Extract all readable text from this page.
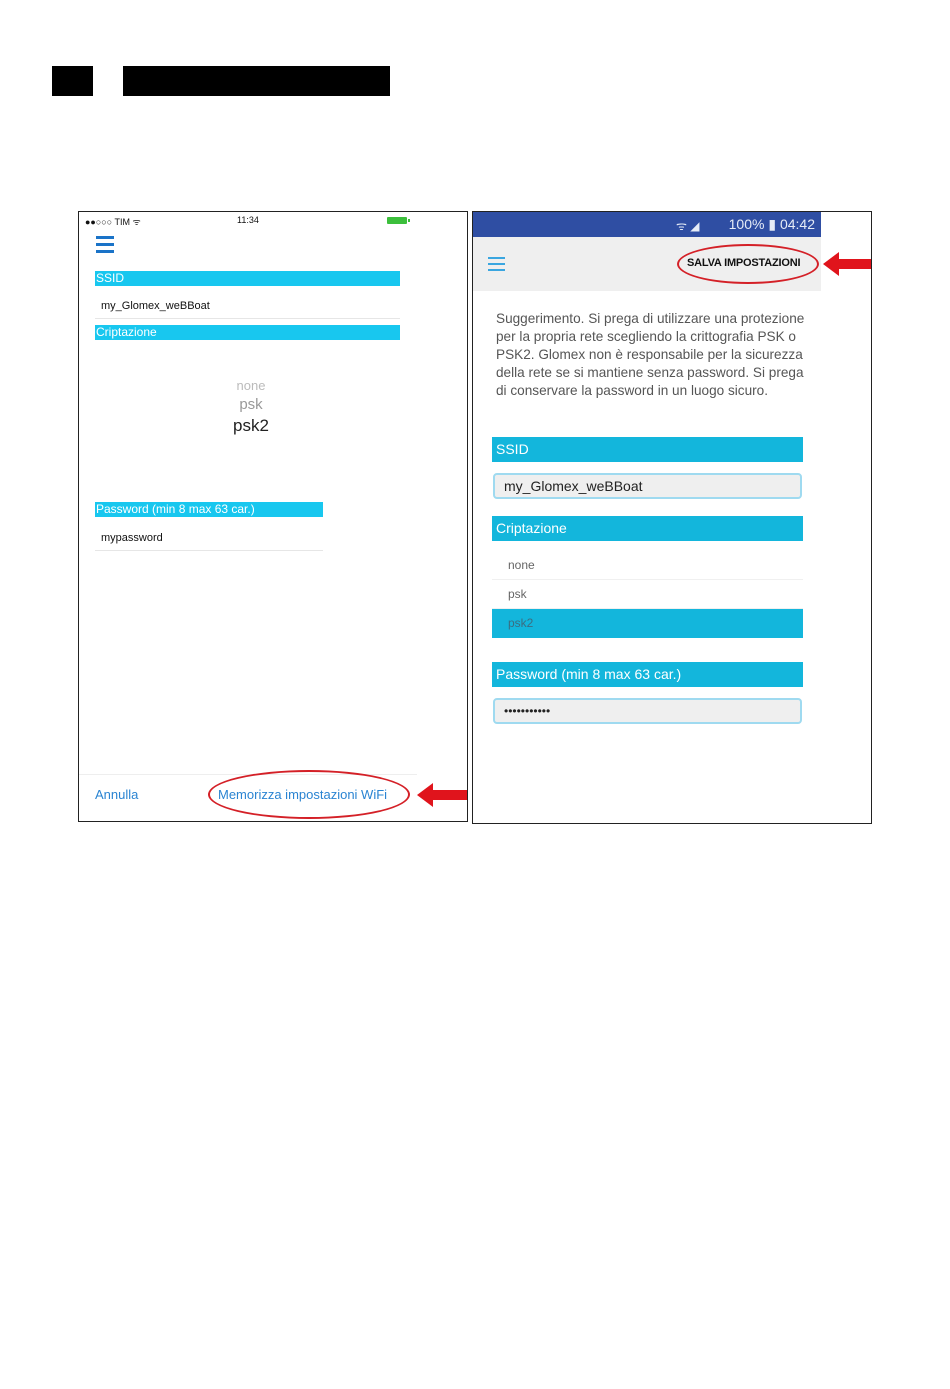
●●○○○ TIM ᯤ	11:34
SSID
my_Glomex_weBBoat
Criptazione
none
psk
psk2
Password (min 8 max 63 car.)
mypassword
Annulla	Memorizza impostazioni WiFi
ᯤ ◢ 100% ▮ 04:42
SALVA IMPOSTAZIONI
Suggerimento. Si prega di utilizzare una protezione per la propria rete scegliendo la crittografia PSK o PSK2. Glomex non è responsabile per la sicurezza della rete se si mantiene senza password. Si prega di conservare la password in un luogo sicuro.
SSID
my_Glomex_weBBoat
Criptazione
none
psk
psk2
Password (min 8 max 63 car.)
•••••••••••
